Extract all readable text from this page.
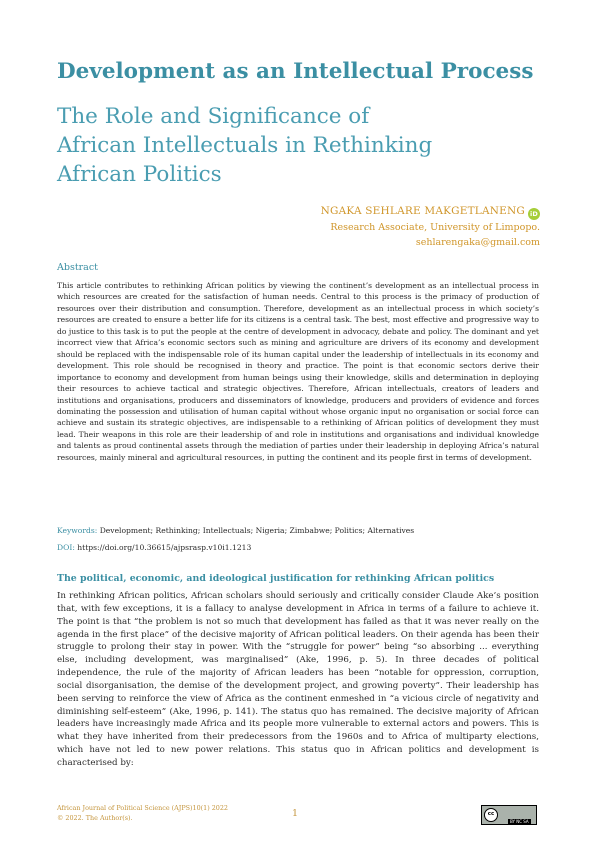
Development as an Intellectual Process
The Role and Significance of
African Intellectuals in Rethinking
African Politics
NGAKA SEHLARE MAKGETLANENG iD
Research Associate, University of Limpopo.
sehlarengaka@gmail.com
Abstract

This article contributes to rethinking African politics by viewing the continent’s development as an intellectual process in which resources are created for the satisfaction of human needs. Central to this process is the primacy of production of resources over their distribution and consumption. Therefore, development as an intellectual process in which society’s resources are created to ensure a better life for its citizens is a central task. The best, most effective and progressive way to do justice to this task is to put the people at the centre of development in advocacy, debate and policy. The dominant and yet incorrect view that Africa’s economic sectors such as mining and agriculture are drivers of its economy and development should be replaced with the indispensable role of its human capital under the leadership of intellectuals in its economy and development. This role should be recognised in theory and practice. The point is that economic sectors derive their importance to economy and development from human beings using their knowledge, skills and determination in deploying their resources to achieve tactical and strategic objectives. Therefore, African intellectuals, creators of leaders and institutions and organisations, producers and disseminators of knowledge, producers and providers of evidence and forces dominating the possession and utilisation of human capital without whose organic input no organisation or social force can achieve and sustain its strategic objectives, are indispensable to a rethinking of African politics of development they must lead. Their weapons in this role are their leadership of and role in institutions and organisations and individual knowledge and talents as proud continental assets through the mediation of parties under their leadership in deploying Africa’s natural resources, mainly mineral and agricultural resources, in putting the continent and its people first in terms of development.

Keywords: Development; Rethinking; Intellectuals; Nigeria; Zimbabwe; Politics; Alternatives
DOI: https://doi.org/10.36615/ajpsrasp.v10i1.1213
The political, economic, and ideological justification for rethinking African politics

In rethinking African politics, African scholars should seriously and critically consider Claude Ake’s position that, with few exceptions, it is a fallacy to analyse development in Africa in terms of a failure to achieve it. The point is that “the problem is not so much that development has failed as that it was never really on the agenda in the first place” of the decisive majority of African political leaders. On their agenda has been their struggle to prolong their stay in power. With the “struggle for power” being “so absorbing ... everything else, including development, was marginalised” (Ake, 1996, p. 5). In three decades of political independence, the rule of the majority of African leaders has been “notable for oppression, corruption, social disorganisation, the demise of the development project, and growing poverty”. Their leadership has been serving to reinforce the view of Africa as the continent enmeshed in “a vicious circle of negativity and diminishing self-esteem” (Ake, 1996, p. 141). The status quo has remained. The decisive majority of African leaders have increasingly made Africa and its people more vulnerable to external actors and powers. This is what they have inherited from their predecessors from the 1960s and to Africa of multiparty elections, which have not led to new power relations. This status quo in African politics and development is characterised by:

African Journal of Political Science (AJPS)10(1) 2022
© 2022. The Author(s).	1	cc
BY NC SA
